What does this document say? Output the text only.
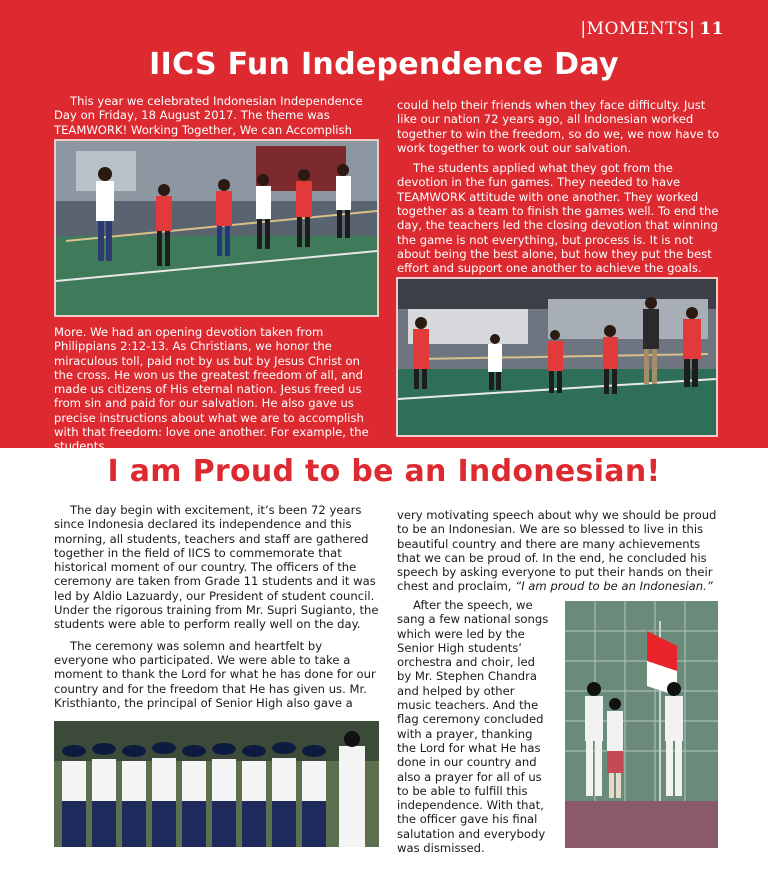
|MOMENTS| 11
IICS Fun Independence Day

This year we celebrated Indonesian Independence Day on Friday, 18 August 2017. The theme was TEAMWORK! Working Together, We can Accomplish

More. We had an opening devotion taken from Philippians 2:12-13. As Christians, we honor the miraculous toll, paid not by us but by Jesus Christ on the cross. He won us the greatest freedom of all, and made us citizens of His eternal nation. Jesus freed us from sin and paid for our salvation. He also gave us precise instructions about what we are to accomplish with that freedom: love one another. For example, the students

could help their friends when they face difficulty. Just like our nation 72 years ago, all Indonesian worked together to win the freedom, so do we, we now have to work together to work out our salvation.

The students applied what they got from the devotion in the fun games. They needed to have TEAMWORK attitude with one another. They worked together as a team to finish the games well. To end the day, the teachers led the closing devotion that winning the game is not everything, but process is. It is not about being the best alone, but how they put the best effort and support one another to achieve the goals.

I am Proud to be an Indonesian!

The day begin with excitement, it’s been 72 years since Indonesia declared its independence and this morning, all students, teachers and staff are gathered together in the field of IICS to commemorate that historical moment of our country. The officers of the ceremony are taken from Grade 11 students and it was led by Aldio Lazuardy, our President of student council. Under the rigorous training from Mr. Supri Sugianto, the students were able to perform really well on the day.

The ceremony was solemn and heartfelt by everyone who participated. We were able to take a moment to thank the Lord for what he has done for our country and for the freedom that He has given us. Mr. Kristhianto, the principal of Senior High also gave a

very motivating speech about why we should be proud to be an Indonesian. We are so blessed to live in this beautiful country and there are many achievements that we can be proud of. In the end, he concluded his speech by asking everyone to put their hands on their chest and proclaim, “I am proud to be an Indonesian.”

After the speech, we sang a few national songs which were led by the Senior High students’ orchestra and choir, led by Mr. Stephen Chandra and helped by other music teachers. And the flag ceremony concluded with a prayer, thanking the Lord for what He has done in our country and also a prayer for all of us to be able to fulfill this independence. With that, the officer gave his final salutation and everybody was dismissed.
